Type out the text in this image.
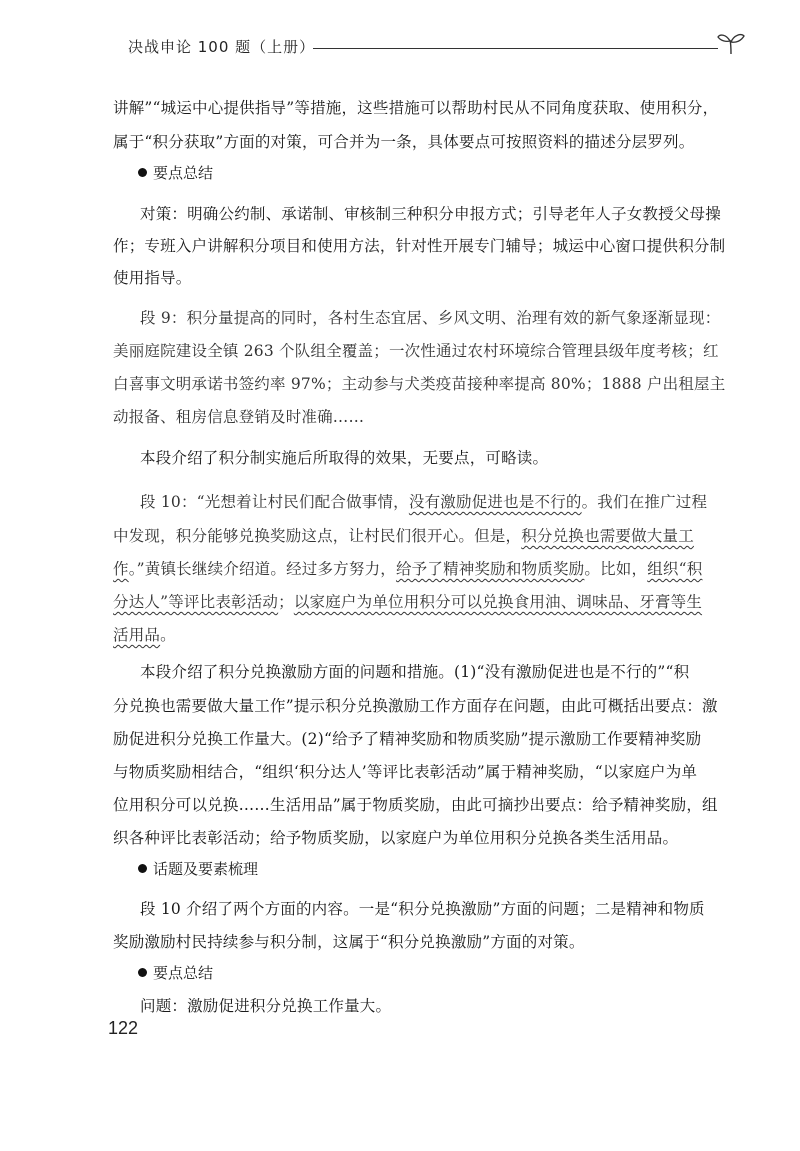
决战申论 100 题（上册）
讲解”“城运中心提供指导”等措施，这些措施可以帮助村民从不同角度获取、使用积分，
属于“积分获取”方面的对策，可合并为一条，具体要点可按照资料的描述分层罗列。
要点总结
对策：明确公约制、承诺制、审核制三种积分申报方式；引导老年人子女教授父母操
作；专班入户讲解积分项目和使用方法，针对性开展专门辅导；城运中心窗口提供积分制
使用指导。
段 9：积分量提高的同时，各村生态宜居、乡风文明、治理有效的新气象逐渐显现：
美丽庭院建设全镇 263 个队组全覆盖；一次性通过农村环境综合管理县级年度考核；红
白喜事文明承诺书签约率 97%；主动参与犬类疫苗接种率提高 80%；1888 户出租屋主
动报备、租房信息登销及时准确……
本段介绍了积分制实施后所取得的效果，无要点，可略读。
段 10：“光想着让村民们配合做事情，没有激励促进也是不行的。我们在推广过程
中发现，积分能够兑换奖励这点，让村民们很开心。但是，积分兑换也需要做大量工
作。”黄镇长继续介绍道。经过多方努力，给予了精神奖励和物质奖励。比如，组织“积
分达人”等评比表彰活动；以家庭户为单位用积分可以兑换食用油、调味品、牙膏等生
活用品。
本段介绍了积分兑换激励方面的问题和措施。(1)“没有激励促进也是不行的”“积
分兑换也需要做大量工作”提示积分兑换激励工作方面存在问题，由此可概括出要点：激
励促进积分兑换工作量大。(2)“给予了精神奖励和物质奖励”提示激励工作要精神奖励
与物质奖励相结合，“组织‘积分达人’等评比表彰活动”属于精神奖励，“以家庭户为单
位用积分可以兑换……生活用品”属于物质奖励，由此可摘抄出要点：给予精神奖励，组
织各种评比表彰活动；给予物质奖励，以家庭户为单位用积分兑换各类生活用品。
话题及要素梳理
段 10 介绍了两个方面的内容。一是“积分兑换激励”方面的问题；二是精神和物质
奖励激励村民持续参与积分制，这属于“积分兑换激励”方面的对策。
要点总结
问题：激励促进积分兑换工作量大。
122
